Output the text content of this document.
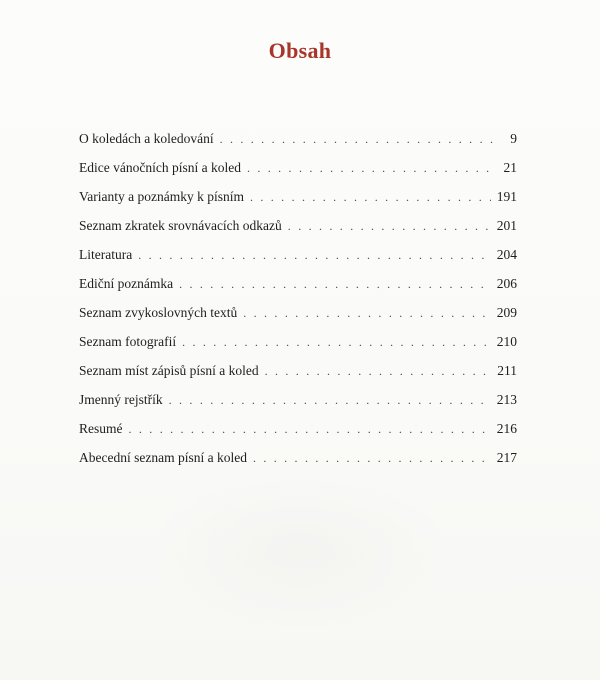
Obsah
O koledách a koledování . . .	9
Edice vánočních písní a koled . . .	21
Varianty a poznámky k písním . . .	191
Seznam zkratek srovnávacích odkazů . . .	201
Literatura . . .	204
Ediční poznámka . . .	206
Seznam zvykoslovných textů . . .	209
Seznam fotografií . . .	210
Seznam míst zápisů písní a koled . . .	211
Jmenný rejstřík . . .	213
Resumé . . .	216
Abecední seznam písní a koled . . .	217
